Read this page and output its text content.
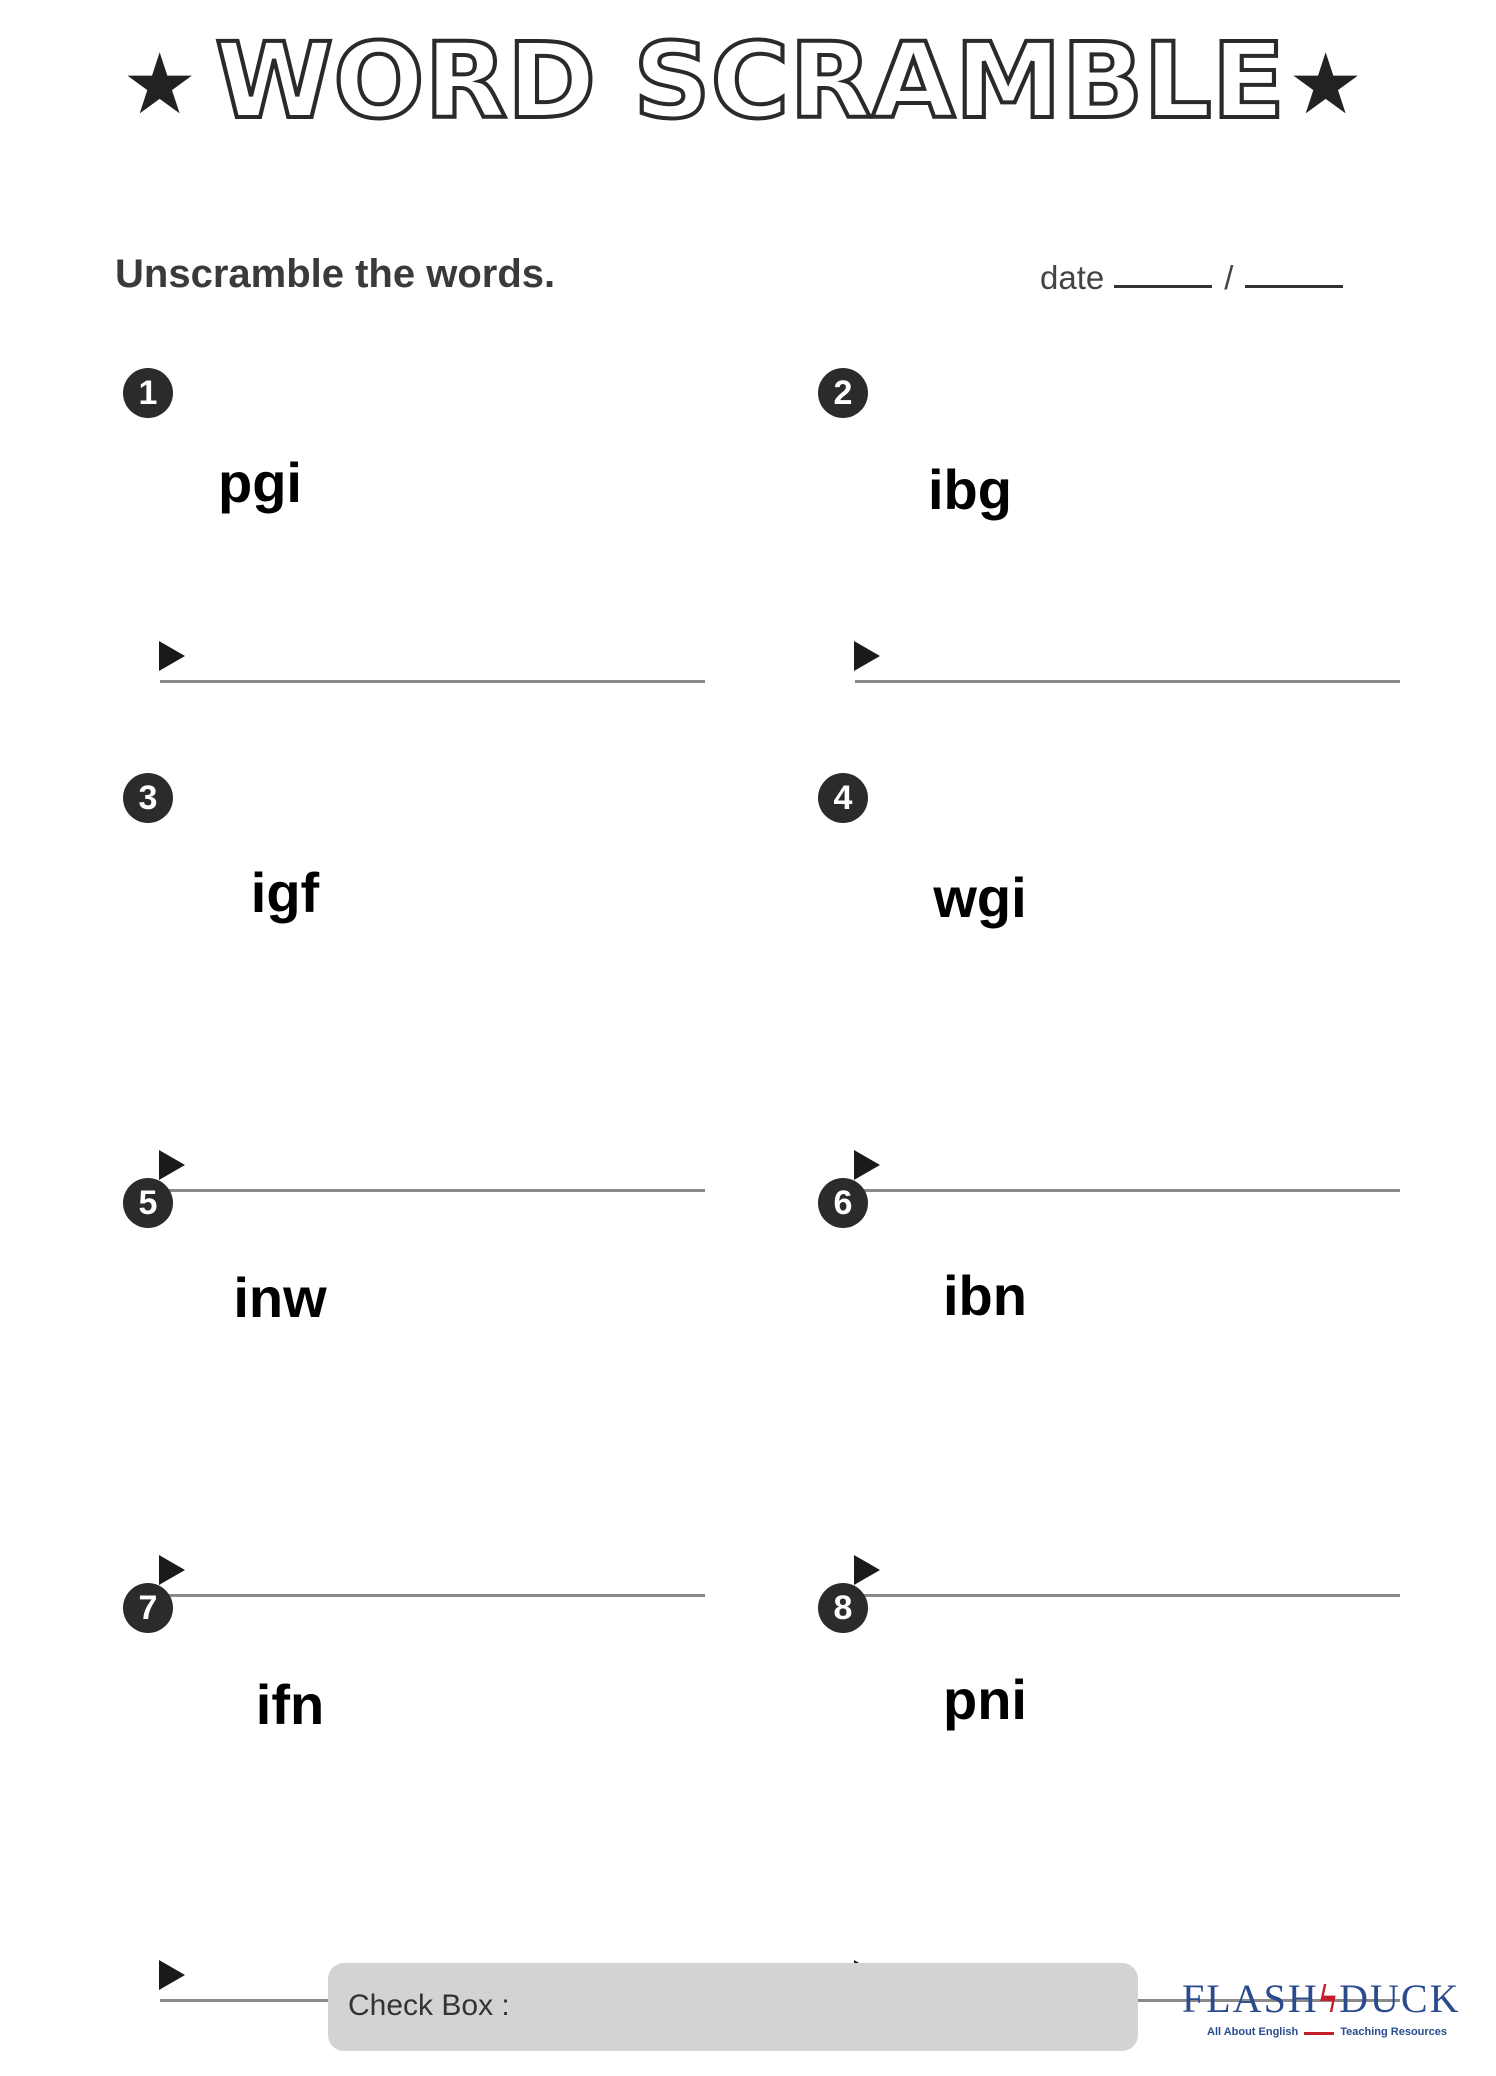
★ WORD SCRAMBLE ★
Unscramble the words.	date	/
1
pgi
2
ibg
3
igf
4
wgi
5
inw
6
ibn
7
ifn
8
pni
Check Box :	FLASHϟDUCK
All About English	Teaching Resources
